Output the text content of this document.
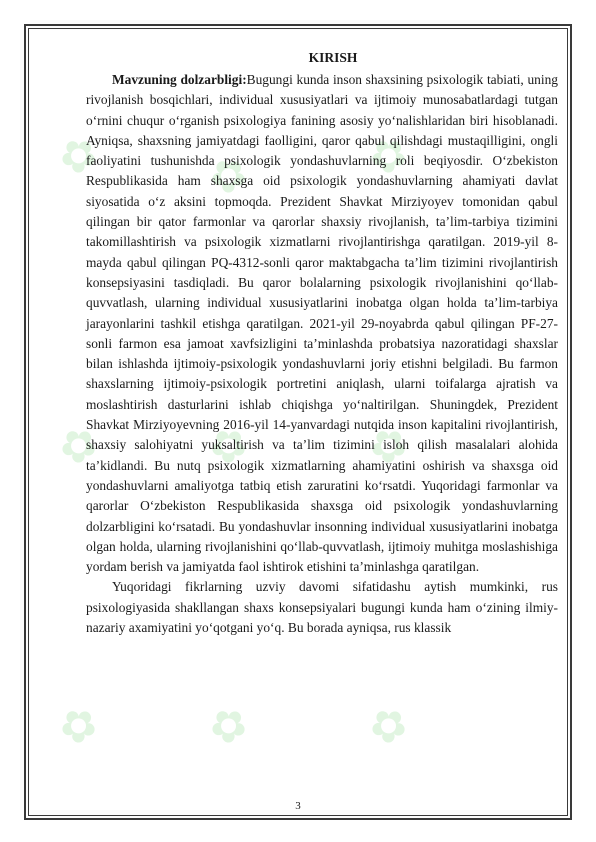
✿ ✿ ✿
✿ ✿ ✿
✿ ✿ ✿
KIRISH

Mavzuning dolzarbligi:Bugungi kunda inson shaxsining psixologik tabiati, uning rivojlanish bosqichlari, individual xususiyatlari va ijtimoiy munosabatlardagi tutgan o‘rnini chuqur o‘rganish psixologiya fanining asosiy yo‘nalishlaridan biri hisoblanadi. Ayniqsa, shaxsning jamiyatdagi faolligini, qaror qabul qilishdagi mustaqilligini, ongli faoliyatini tushunishda psixologik yondashuvlarning roli beqiyosdir. O‘zbekiston Respublikasida ham shaxsga oid psixologik yondashuvlarning ahamiyati davlat siyosatida o‘z aksini topmoqda. Prezident Shavkat Mirziyoyev tomonidan qabul qilingan bir qator farmonlar va qarorlar shaxsiy rivojlanish, ta’lim-tarbiya tizimini takomillashtirish va psixologik xizmatlarni rivojlantirishga qaratilgan. 2019-yil 8-mayda qabul qilingan PQ-4312-sonli qaror maktabgacha ta’lim tizimini rivojlantirish konsepsiyasini tasdiqladi. Bu qaror bolalarning psixologik rivojlanishini qo‘llab-quvvatlash, ularning individual xususiyatlarini inobatga olgan holda ta’lim-tarbiya jarayonlarini tashkil etishga qaratilgan. 2021-yil 29-noyabrda qabul qilingan PF-27-sonli farmon esa jamoat xavfsizligini ta’minlashda probatsiya nazoratidagi shaxslar bilan ishlashda ijtimoiy-psixologik yondashuvlarni joriy etishni belgiladi. Bu farmon shaxslarning ijtimoiy-psixologik portretini aniqlash, ularni toifalarga ajratish va moslashtirish dasturlarini ishlab chiqishga yo‘naltirilgan. Shuningdek, Prezident Shavkat Mirziyoyevning 2016-yil 14-yanvardagi nutqida inson kapitalini rivojlantirish, shaxsiy salohiyatni yuksaltirish va ta’lim tizimini isloh qilish masalalari alohida ta’kidlandi. Bu nutq psixologik xizmatlarning ahamiyatini oshirish va shaxsga oid yondashuvlarni amaliyotga tatbiq etish zaruratini ko‘rsatdi. Yuqoridagi farmonlar va qarorlar O‘zbekiston Respublikasida shaxsga oid psixologik yondashuvlarning dolzarbligini ko‘rsatadi. Bu yondashuvlar insonning individual xususiyatlarini inobatga olgan holda, ularning rivojlanishini qo‘llab-quvvatlash, ijtimoiy muhitga moslashishiga yordam berish va jamiyatda faol ishtirok etishini ta’minlashga qaratilgan.

Yuqoridagi fikrlarning uzviy davomi sifatidashu aytish mumkinki, rus psixologiyasida shakllangan shaxs konsepsiyalari bugungi kunda ham o‘zining ilmiy-nazariy axamiyatini yo‘qotgani yo‘q. Bu borada ayniqsa, rus klassik

3
